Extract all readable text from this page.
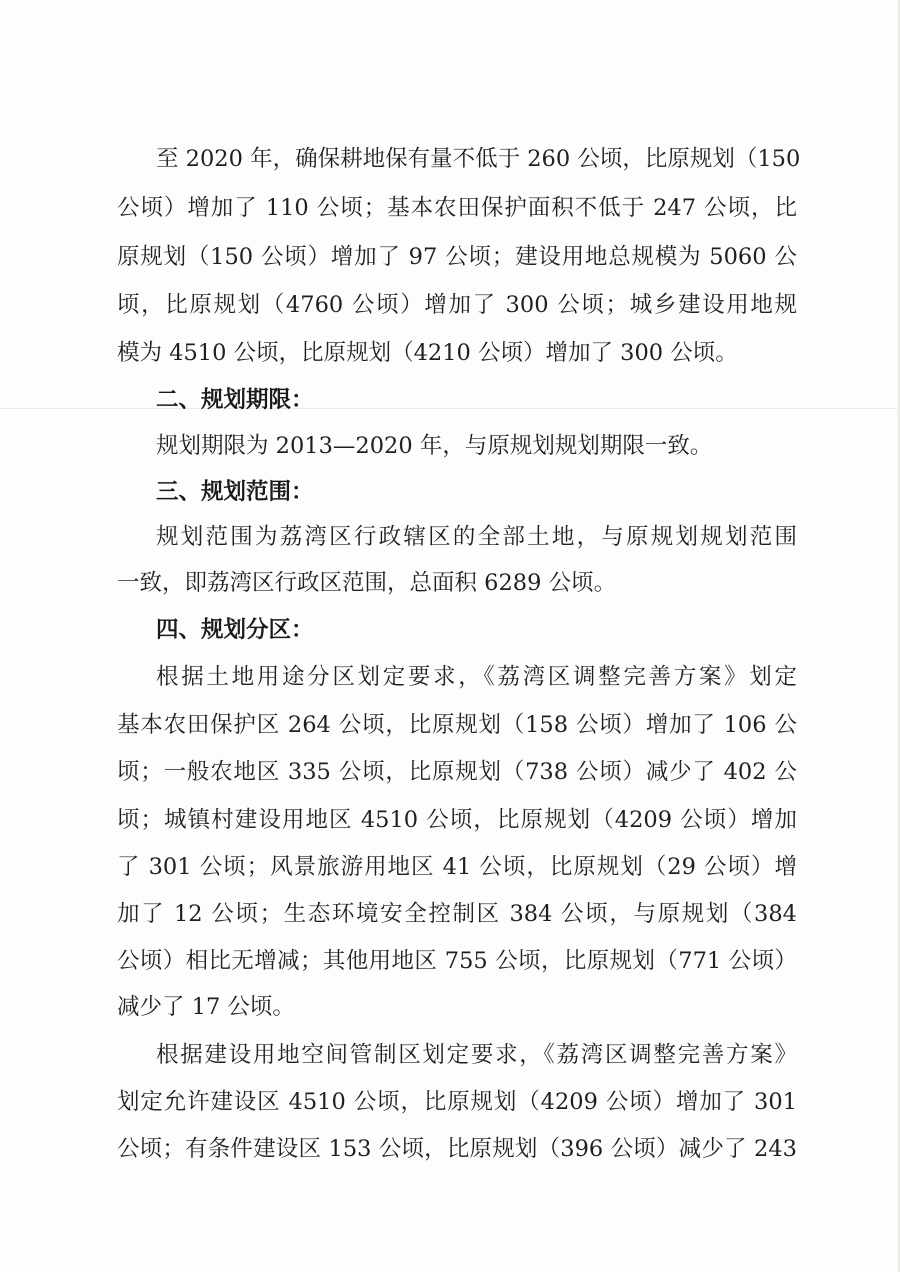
至 2020 年，确保耕地保有量不低于 260 公顷，比原规划（150
公顷）增加了 110 公顷；基本农田保护面积不低于 247 公顷，比
原规划（150 公顷）增加了 97 公顷；建设用地总规模为 5060 公
顷，比原规划（4760 公顷）增加了 300 公顷；城乡建设用地规
模为 4510 公顷，比原规划（4210 公顷）增加了 300 公顷。
二、规划期限：
规划期限为 2013—2020 年，与原规划规划期限一致。
三、规划范围：
规划范围为荔湾区行政辖区的全部土地，与原规划规划范围
一致，即荔湾区行政区范围，总面积 6289 公顷。
四、规划分区：
根据土地用途分区划定要求，《荔湾区调整完善方案》划定
基本农田保护区 264 公顷，比原规划（158 公顷）增加了 106 公
顷；一般农地区 335 公顷，比原规划（738 公顷）减少了 402 公
顷；城镇村建设用地区 4510 公顷，比原规划（4209 公顷）增加
了 301 公顷；风景旅游用地区 41 公顷，比原规划（29 公顷）增
加了 12 公顷；生态环境安全控制区 384 公顷，与原规划（384
公顷）相比无增减；其他用地区 755 公顷，比原规划（771 公顷）
减少了 17 公顷。
根据建设用地空间管制区划定要求，《荔湾区调整完善方案》
划定允许建设区 4510 公顷，比原规划（4209 公顷）增加了 301
公顷；有条件建设区 153 公顷，比原规划（396 公顷）减少了 243
